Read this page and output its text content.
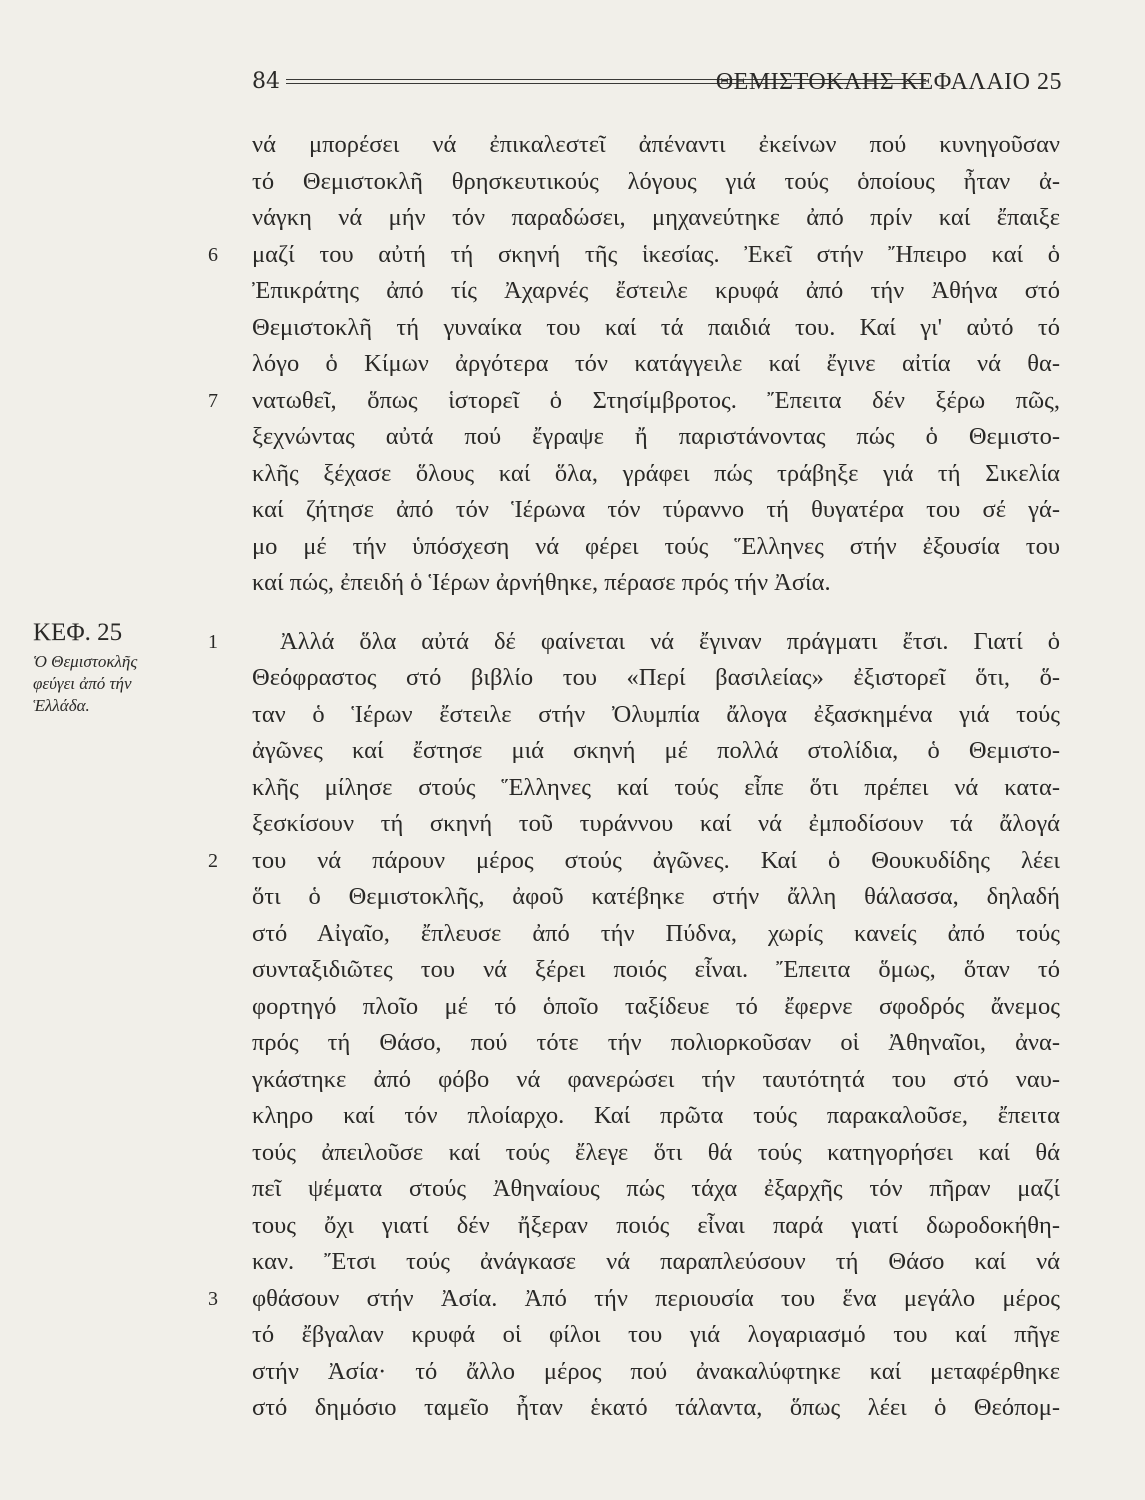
84	ΘΕΜΙΣΤΟΚΛΗΣ ΚΕΦΑΛΑΙΟ 25
ΚΕΦ. 25
Ὁ Θεμιστοκλῆς
φεύγει ἀπό τήν
Ἑλλάδα.
νά μπορέσει νά ἐπικαλεστεῖ ἀπέναντι ἐκείνων πού κυνηγοῦσαν
τό Θεμιστοκλῆ θρησκευτικούς λόγους γιά τούς ὁποίους ἦταν ἀ-
νάγκη νά μήν τόν παραδώσει, μηχανεύτηκε ἀπό πρίν καί ἔπαιξε
6 μαζί του αὐτή τή σκηνή τῆς ἱκεσίας. Ἐκεῖ στήν Ἤπειρο καί ὁ
Ἐπικράτης ἀπό τίς Ἀχαρνές ἔστειλε κρυφά ἀπό τήν Ἀθήνα στό
Θεμιστοκλῆ τή γυναίκα του καί τά παιδιά του. Καί γι' αὐτό τό
λόγο ὁ Κίμων ἀργότερα τόν κατάγγειλε καί ἔγινε αἰτία νά θα-
7 νατωθεῖ, ὅπως ἱστορεῖ ὁ Στησίμβροτος. Ἔπειτα δέν ξέρω πῶς,
ξεχνώντας αὐτά πού ἔγραψε ἤ παριστάνοντας πώς ὁ Θεμιστο-
κλῆς ξέχασε ὅλους καί ὅλα, γράφει πώς τράβηξε γιά τή Σικελία
καί ζήτησε ἀπό τόν Ἱέρωνα τόν τύραννο τή θυγατέρα του σέ γά-
μο μέ τήν ὑπόσχεση νά φέρει τούς Ἕλληνες στήν ἐξουσία του
καί πώς, ἐπειδή ὁ Ἱέρων ἀρνήθηκε, πέρασε πρός τήν Ἀσία.
1	Ἀλλά ὅλα αὐτά δέ φαίνεται νά ἔγιναν πράγματι ἔτσι. Γιατί ὁ
Θεόφραστος στό βιβλίο του «Περί βασιλείας» ἐξιστορεῖ ὅτι, ὅ-
ταν ὁ Ἱέρων ἔστειλε στήν Ὀλυμπία ἄλογα ἐξασκημένα γιά τούς
ἀγῶνες καί ἔστησε μιά σκηνή μέ πολλά στολίδια, ὁ Θεμιστο-
κλῆς μίλησε στούς Ἕλληνες καί τούς εἶπε ὅτι πρέπει νά κατα-
ξεσκίσουν τή σκηνή τοῦ τυράννου καί νά ἐμποδίσουν τά ἄλογά
2 του νά πάρουν μέρος στούς ἀγῶνες. Καί ὁ Θουκυδίδης λέει
ὅτι ὁ Θεμιστοκλῆς, ἀφοῦ κατέβηκε στήν ἄλλη θάλασσα, δηλαδή
στό Αἰγαῖο, ἔπλευσε ἀπό τήν Πύδνα, χωρίς κανείς ἀπό τούς
συνταξιδιῶτες του νά ξέρει ποιός εἶναι. Ἔπειτα ὅμως, ὅταν τό
φορτηγό πλοῖο μέ τό ὁποῖο ταξίδευε τό ἔφερνε σφοδρός ἄνεμος
πρός τή Θάσο, πού τότε τήν πολιορκοῦσαν οἱ Ἀθηναῖοι, ἀνα-
γκάστηκε ἀπό φόβο νά φανερώσει τήν ταυτότητά του στό ναυ-
κληρο καί τόν πλοίαρχο. Καί πρῶτα τούς παρακαλοῦσε, ἔπειτα
τούς ἀπειλοῦσε καί τούς ἔλεγε ὅτι θά τούς κατηγορήσει καί θά
πεῖ ψέματα στούς Ἀθηναίους πώς τάχα ἐξαρχῆς τόν πῆραν μαζί
τους ὄχι γιατί δέν ἤξεραν ποιός εἶναι παρά γιατί δωροδοκήθη-
καν. Ἔτσι τούς ἀνάγκασε νά παραπλεύσουν τή Θάσο καί νά
3 φθάσουν στήν Ἀσία. Ἀπό τήν περιουσία του ἕνα μεγάλο μέρος
τό ἔβγαλαν κρυφά οἱ φίλοι του γιά λογαριασμό του καί πῆγε
στήν Ἀσία· τό ἄλλο μέρος πού ἀνακαλύφτηκε καί μεταφέρθηκε
στό δημόσιο ταμεῖο ἦταν ἑκατό τάλαντα, ὅπως λέει ὁ Θεόπομ-
